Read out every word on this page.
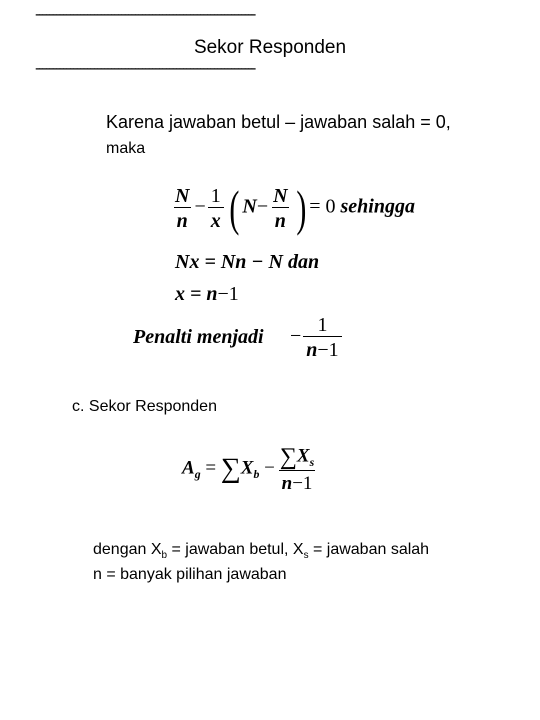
----------------------------------------------------------------
Sekor Responden
----------------------------------------------------------------
Karena jawaban betul – jawaban salah = 0,
maka
$\frac{N}{n} - \frac{1}{x}$ ( $N- \frac{N}{n}$ ) = 0 sehingga
Nx = Nn − N dan
x = n−1
Penalti menjadi − $\frac{1}{n-1}$
c. Sekor Responden
$A_g = \sum X_b - \frac{\sum X_s}{n-1}$
dengan $X_b$ = jawaban betul, $X_s$ = jawaban salah
n = banyak pilihan jawaban
